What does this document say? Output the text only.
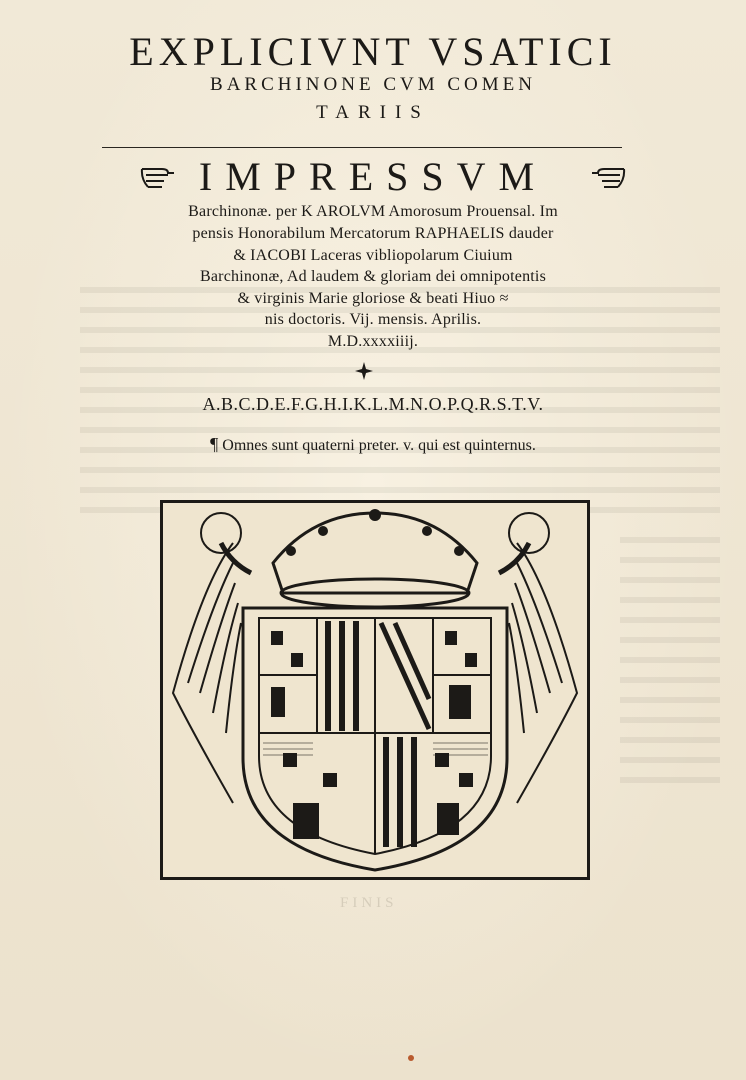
EXPLICIVNT VSATICI
BARCHINONE CVM COMEN
TARIIS
IMPRESSVM
Barchinonæ. per K AROLVM Amorosum Prouensal. Im
pensis Honorabilum Mercatorum RAPHAELIS dauder
& IACOBI Laceras vibliopolarum Ciuium
Barchinonæ, Ad laudem & gloriam dei omnipotentis
& virginis Marie gloriose & beati Hiuo ≈
nis doctoris. Vij. mensis. Aprilis.
M.D.xxxxiiij.
A.B.C.D.E.F.G.H.I.K.L.M.N.O.P.Q.R.S.T.V.
¶ Omnes sunt quaterni preter. v. qui est quinternus.
FINIS
